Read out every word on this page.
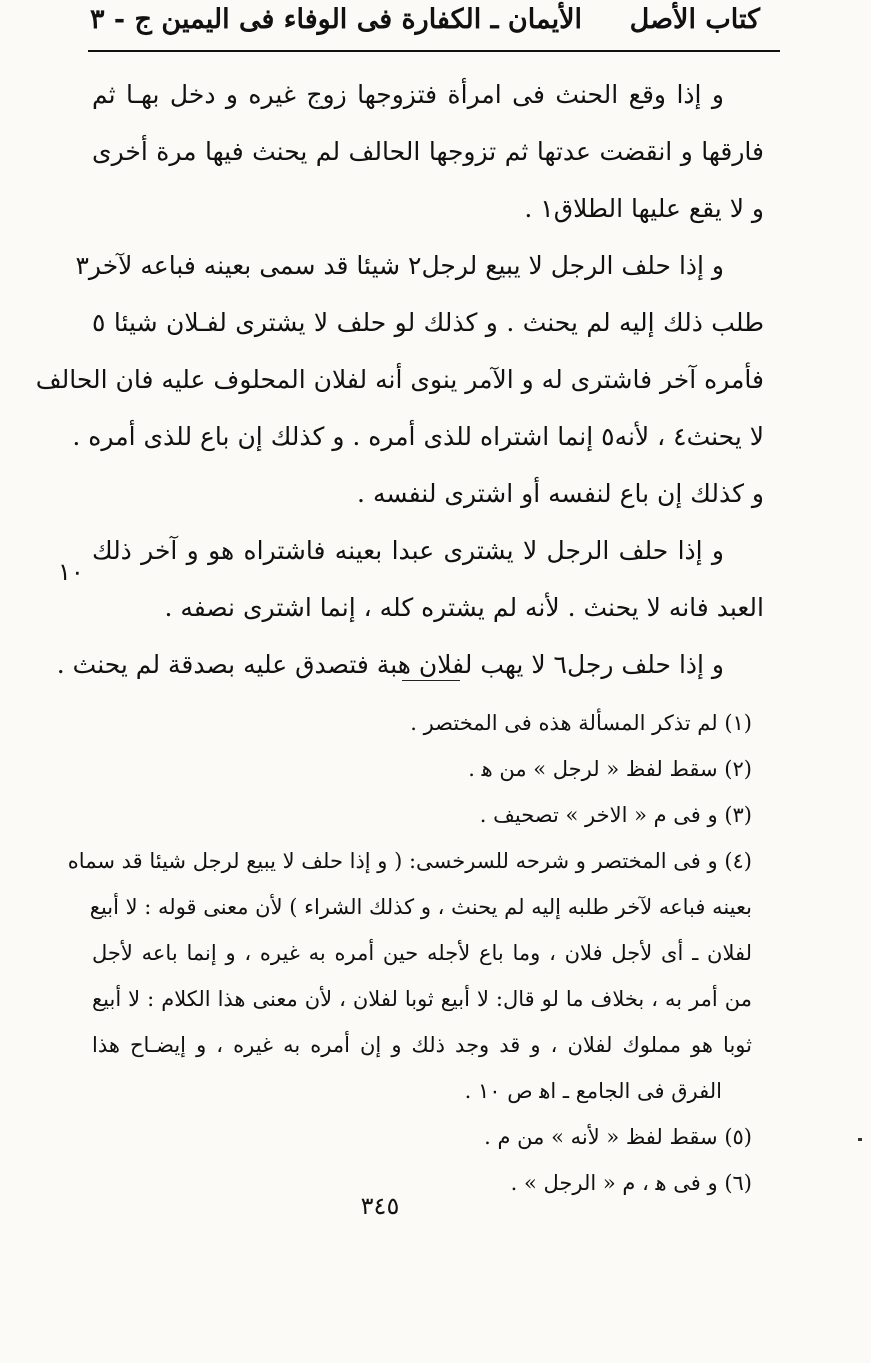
كتاب الأصل
الأيمان ـ الكفارة فى الوفاء فى اليمين
ج - ٣
و إذا وقع الحنث فى امرأة فتزوجها زوج غيره و دخل بهـا ثم
فارقها و انقضت عدتها ثم تزوجها الحالف لم يحنث فيها مرة أخرى
و لا يقع عليها الطلاق١ .
و إذا حلف الرجل لا يبيع لرجل٢ شيئا قد سمى بعينه فباعه لآخر٣
طلب ذلك إليه لم يحنث . و كذلك لو حلف لا يشترى لفـلان شيئا ٥
فأمره آخر فاشترى له و الآمر ينوى أنه لفلان المحلوف عليه فان الحالف
لا يحنث٤ ، لأنه٥ إنما اشتراه للذى أمره . و كذلك إن باع للذى أمره .
و كذلك إن باع لنفسه أو اشترى لنفسه .
و إذا حلف الرجل لا يشترى عبدا بعينه فاشتراه هو و آخر ذلك
العبد فانه لا يحنث . لأنه لم يشتره كله ، إنما اشترى نصفه .
و إذا حلف رجل٦ لا يهب لفلان هبة فتصدق عليه بصدقة لم يحنث .
١٠
(١) لم تذكر المسألة هذه فى المختصر .
(٢) سقط لفظ « لرجل » من ﻫ .
(٣) و فى م « الاخر » تصحيف .
(٤) و فى المختصر و شرحه للسرخسى: ( و إذا حلف لا يبيع لرجل شيئا قد سماه
بعينه فباعه لآخر طلبه إليه لم يحنث ، و كذلك الشراء ) لأن معنى قوله : لا أبيع
لفلان ـ أى لأجل فلان ، وما باع لأجله حين أمره به غيره ، و إنما باعه لأجل
من أمر به ، بخلاف ما لو قال: لا أبيع ثوبا لفلان ، لأن معنى هذا الكلام : لا أبيع
ثوبا هو مملوك لفلان ، و قد وجد ذلك و إن أمره به غيره ، و إيضـاح هذا
الفرق فى الجامع ـ اﻫ ص ١٠ .
(٥) سقط لفظ « لأنه » من م .
(٦) و فى ﻫ ، م « الرجل » .
٣٤٥
